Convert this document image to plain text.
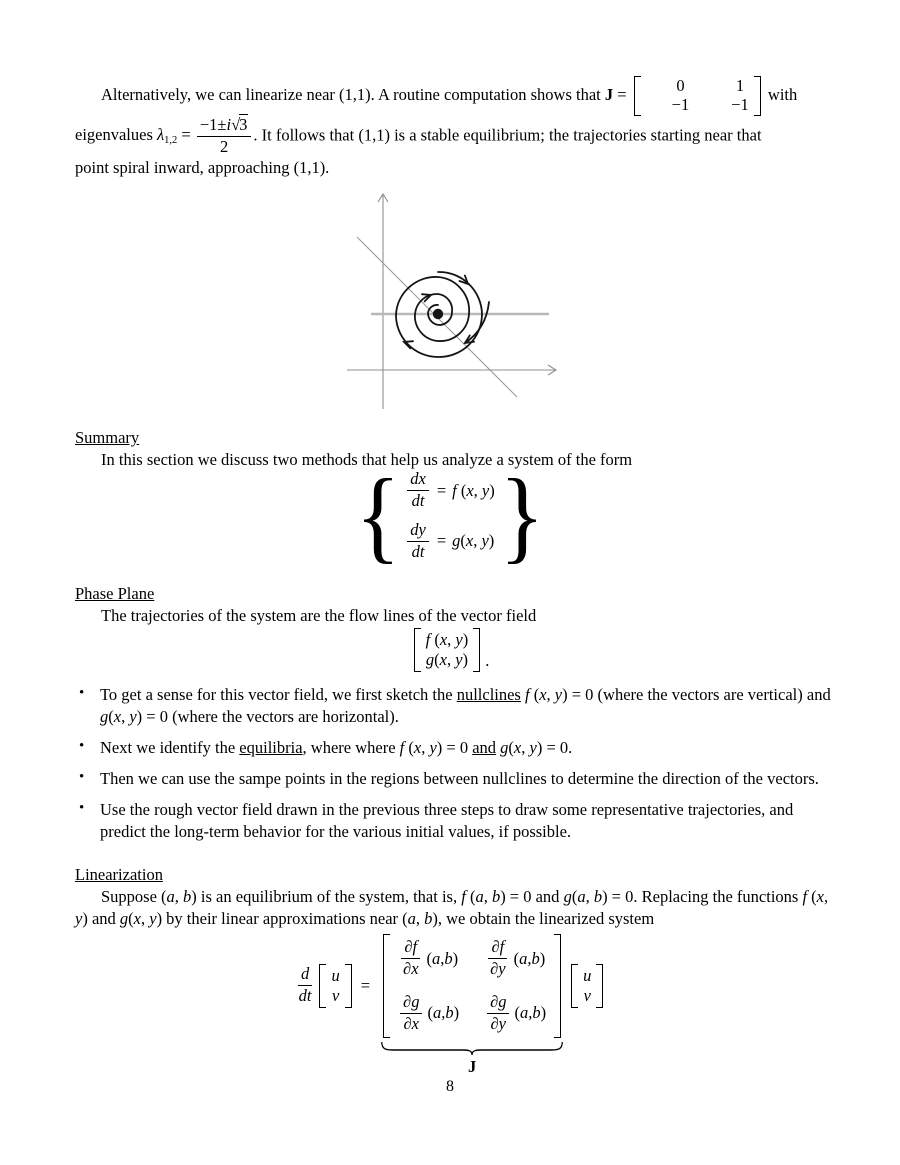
Alternatively, we can linearize near (1,1). A routine computation shows that J =	0	1
−1	−1
with
eigenvalues $\lambda_{1,2} = \frac{-1\pm i√3}{2}$ . It follows that (1,1) is a stable equilibrium; the trajectories starting near that
point spiral inward, approaching (1,1).
Summary
In this section we discuss two methods that help us analyze a system of the form
{ $\frac{dx}{dt} = f$ (x, y)
$\frac{dy}{dt} = g(x$, y) }
Phase Plane
The trajectories of the system are the flow lines of the vector field
f (x, y)
g(x, y) .
• To get a sense for this vector field, we first sketch the nullclines f (x, y) = 0 (where the vectors are vertical) and g(x, y) = 0 (where the vectors are horizontal).
• Next we identify the equilibria, where where f (x, y) = 0 and g(x, y) = 0.
• Then we can use the sampe points in the regions between nullclines to determine the direction of the vectors.
• Use the rough vector field drawn in the previous three steps to draw some representative trajectories, and predict the long-term behavior for the various initial values, if possible.
Linearization
Suppose (a, b) is an equilibrium of the system, that is, f (a, b) = 0 and g(a, b) = 0. Replacing the functions f (x, y) and g(x, y) by their linear approximations near (a, b), we obtain the linearized system
$\frac{d}{dt}$ u
v
=
$\frac{\partial f}{\partial x} (a,b) \frac{\partial f}{\partial y} (a,b)$
$\frac{\partial g}{\partial x} (a,b) \frac{\partial g}{\partial y} (a,b)$
J
u
v
8
